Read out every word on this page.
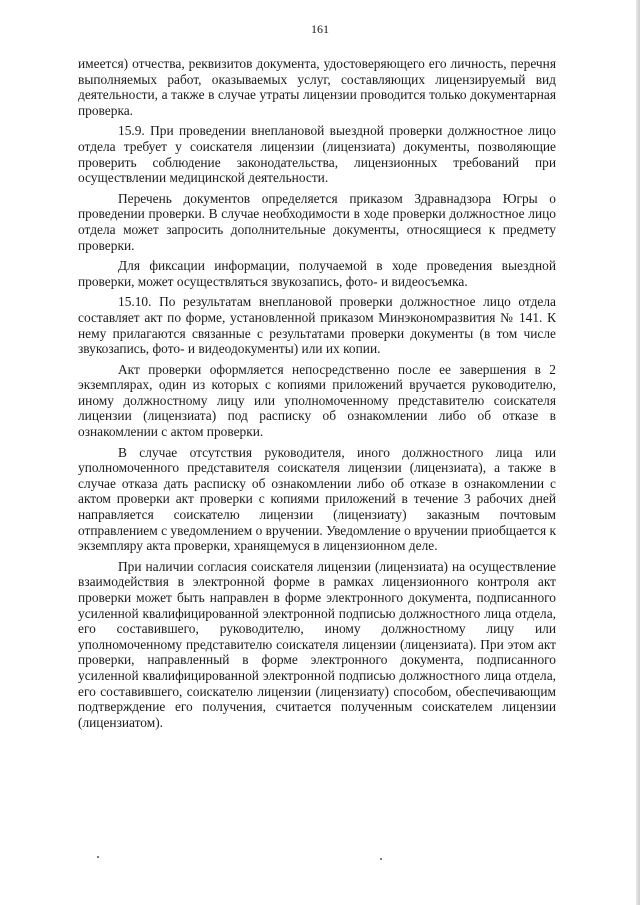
161

имеется) отчества, реквизитов документа, удостоверяющего его личность, перечня выполняемых работ, оказываемых услуг, составляющих лицензируемый вид деятельности, а также в случае утраты лицензии проводится только документарная проверка.

15.9. При проведении внеплановой выездной проверки должностное лицо отдела требует у соискателя лицензии (лицензиата) документы, позволяющие проверить соблюдение законодательства, лицензионных требований при осуществлении медицинской деятельности.

Перечень документов определяется приказом Здравнадзора Югры о проведении проверки. В случае необходимости в ходе проверки должностное лицо отдела может запросить дополнительные документы, относящиеся к предмету проверки.

Для фиксации информации, получаемой в ходе проведения выездной проверки, может осуществляться звукозапись, фото- и видеосъемка.

15.10. По результатам внеплановой проверки должностное лицо отдела составляет акт по форме, установленной приказом Минэкономразвития № 141. К нему прилагаются связанные с результатами проверки документы (в том числе звукозапись, фото- и видеодокументы) или их копии.

Акт проверки оформляется непосредственно после ее завершения в 2 экземплярах, один из которых с копиями приложений вручается руководителю, иному должностному лицу или уполномоченному представителю соискателя лицензии (лицензиата) под расписку об ознакомлении либо об отказе в ознакомлении с актом проверки.

В случае отсутствия руководителя, иного должностного лица или уполномоченного представителя соискателя лицензии (лицензиата), а также в случае отказа дать расписку об ознакомлении либо об отказе в ознакомлении с актом проверки акт проверки с копиями приложений в течение 3 рабочих дней направляется соискателю лицензии (лицензиату) заказным почтовым отправлением с уведомлением о вручении. Уведомление о вручении приобщается к экземпляру акта проверки, хранящемуся в лицензионном деле.

При наличии согласия соискателя лицензии (лицензиата) на осуществление взаимодействия в электронной форме в рамках лицензионного контроля акт проверки может быть направлен в форме электронного документа, подписанного усиленной квалифицированной электронной подписью должностного лица отдела, его составившего, руководителю, иному должностному лицу или уполномоченному представителю соискателя лицензии (лицензиата). При этом акт проверки, направленный в форме электронного документа, подписанного усиленной квалифицированной электронной подписью должностного лица отдела, его составившего, соискателю лицензии (лицензиату) способом, обеспечивающим подтверждение его получения, считается полученным соискателем лицензии (лицензиатом).
